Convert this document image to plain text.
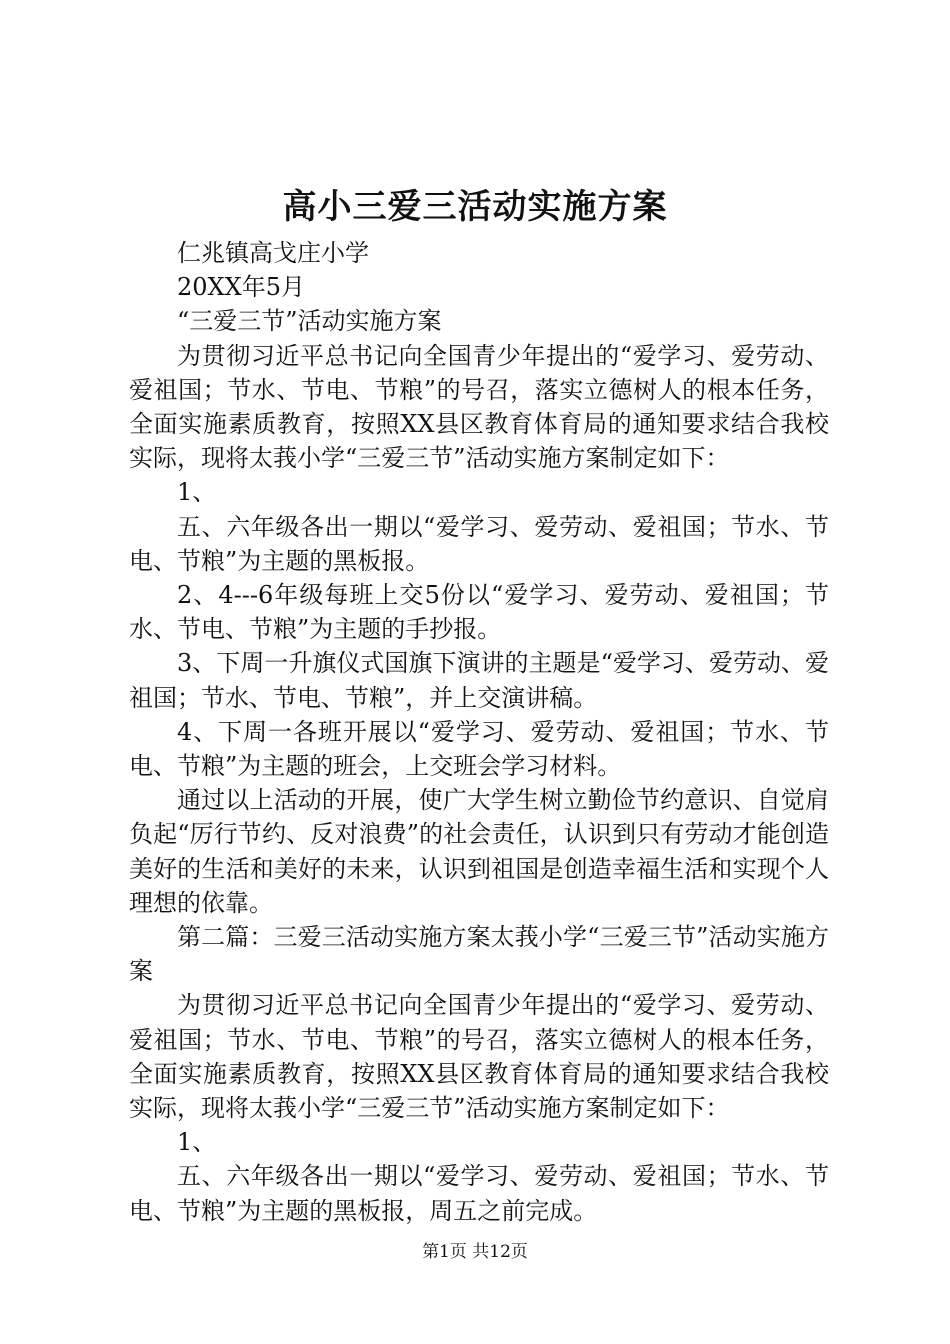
高小三爱三活动实施方案

仁兆镇高戈庄小学

20XX年5月

“三爱三节”活动实施方案

为贯彻习近平总书记向全国青少年提出的“爱学习、爱劳动、爱祖国；节水、节电、节粮”的号召，落实立德树人的根本任务，全面实施素质教育，按照XX县区教育体育局的通知要求结合我校实际，现将太莪小学“三爱三节”活动实施方案制定如下：

1、

五、六年级各出一期以“爱学习、爱劳动、爱祖国；节水、节电、节粮”为主题的黑板报。

2、4---6年级每班上交5份以“爱学习、爱劳动、爱祖国；节水、节电、节粮”为主题的手抄报。

3、下周一升旗仪式国旗下演讲的主题是“爱学习、爱劳动、爱祖国；节水、节电、节粮”，并上交演讲稿。

4、下周一各班开展以“爱学习、爱劳动、爱祖国；节水、节电、节粮”为主题的班会，上交班会学习材料。

通过以上活动的开展，使广大学生树立勤俭节约意识、自觉肩负起“厉行节约、反对浪费”的社会责任，认识到只有劳动才能创造美好的生活和美好的未来，认识到祖国是创造幸福生活和实现个人理想的依靠。

第二篇：三爱三活动实施方案太莪小学“三爱三节”活动实施方案

为贯彻习近平总书记向全国青少年提出的“爱学习、爱劳动、爱祖国；节水、节电、节粮”的号召，落实立德树人的根本任务，全面实施素质教育，按照XX县区教育体育局的通知要求结合我校实际，现将太莪小学“三爱三节”活动实施方案制定如下：

1、

五、六年级各出一期以“爱学习、爱劳动、爱祖国；节水、节电、节粮”为主题的黑板报，周五之前完成。

第1页 共12页
